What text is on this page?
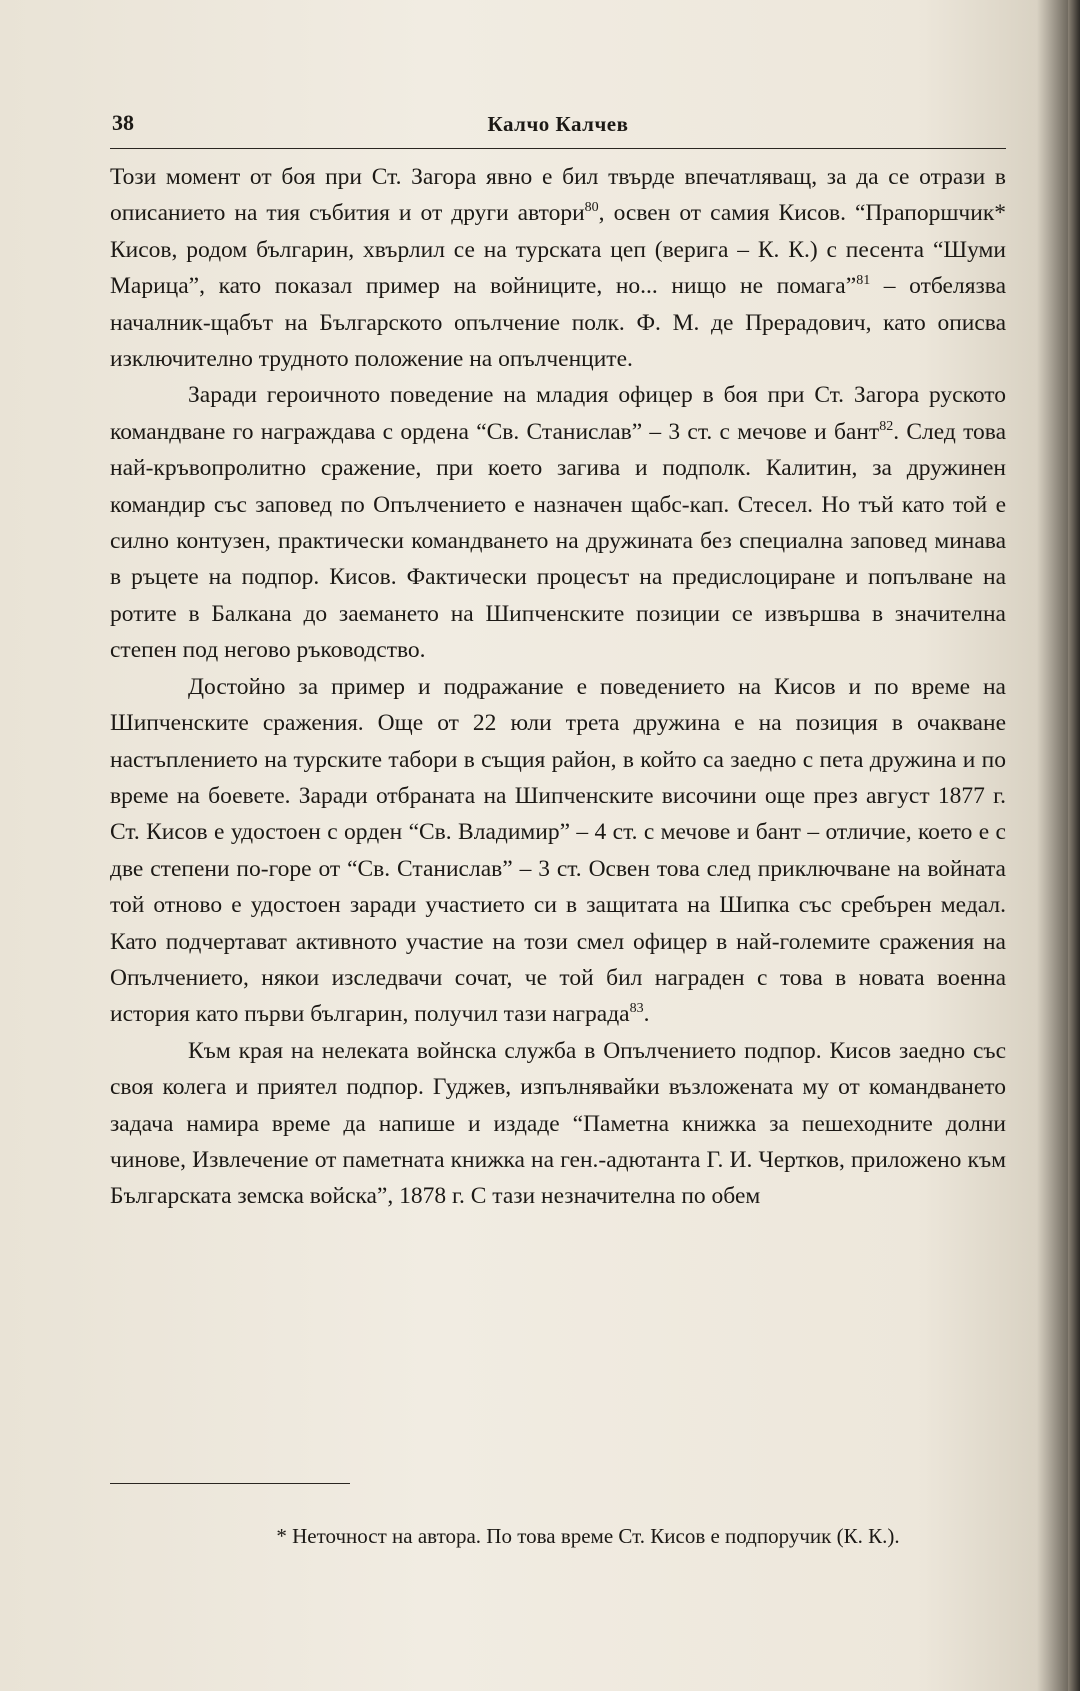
38	Калчо Калчев

Този момент от боя при Ст. Загора явно е бил твърде впечатляващ, за да се отрази в описанието на тия събития и от други автори$^{80}$, освен от самия Кисов. “Прапоршчик* Кисов, родом българин, хвърлил се на турската цеп (верига – К. К.) с песента “Шуми Марица”, като показал пример на войниците, но... нищо не помага”$^{81}$ – отбелязва началник-щабът на Българското опълчение полк. Ф. М. де Прерадович, като описва изключително трудното положение на опълченците.

Заради героичното поведение на младия офицер в боя при Ст. Загора руското командване го награждава с ордена “Св. Станислав” – 3 ст. с мечове и бант$^{82}$. След това най-кръвопролитно сражение, при което загива и подполк. Калитин, за дружинен командир със заповед по Опълчението е назначен щабс-кап. Стесел. Но тъй като той е силно контузен, практически командването на дружината без специална заповед минава в ръцете на подпор. Кисов. Фактически процесът на предислоциране и попълване на ротите в Балкана до заемането на Шипченските позиции се извършва в значителна степен под негово ръководство.

Достойно за пример и подражание е поведението на Кисов и по време на Шипченските сражения. Още от 22 юли трета дружина е на позиция в очакване настъплението на турските табори в същия район, в който са заедно с пета дружина и по време на боевете. Заради отбраната на Шипченските височини още през август 1877 г. Ст. Кисов е удостоен с орден “Св. Владимир” – 4 ст. с мечове и бант – отличие, което е с две степени по-горе от “Св. Станислав” – 3 ст. Освен това след приключване на войната той отново е удостоен заради участието си в защитата на Шипка със сребърен медал. Като подчертават активното участие на този смел офицер в най-големите сражения на Опълчението, някои изследвачи сочат, че той бил награден с това в новата военна история като първи българин, получил тази награда$^{83}$.

Към края на нелеката войнска служба в Опълчението подпор. Кисов заедно със своя колега и приятел подпор. Гуджев, изпълнявайки възложената му от командването задача намира време да напише и издаде “Паметна книжка за пешеходните долни чинове, Извлечение от паметната книжка на ген.-адютанта Г. И. Чертков, приложено към Българската земска войска”, 1878 г. С тази незначителна по обем

* Неточност на автора. По това време Ст. Кисов е подпоручик (К. К.).
